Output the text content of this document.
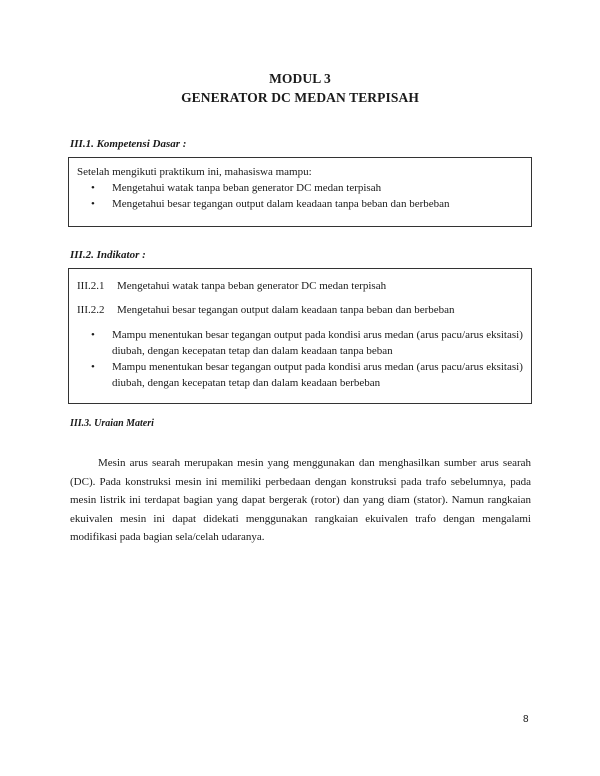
MODUL 3
GENERATOR DC MEDAN TERPISAH
III.1. Kompetensi Dasar :
Setelah mengikuti praktikum ini, mahasiswa mampu:
• Mengetahui watak tanpa beban generator DC medan terpisah
• Mengetahui besar tegangan output dalam keadaan tanpa beban dan berbeban
III.2. Indikator :
III.2.1	Mengetahui watak tanpa beban generator DC medan terpisah
III.2.2	Mengetahui besar tegangan output dalam keadaan tanpa beban dan berbeban
• Mampu menentukan besar tegangan output pada kondisi arus medan (arus pacu/arus eksitasi) diubah, dengan kecepatan tetap dan dalam keadaan tanpa beban
• Mampu menentukan besar tegangan output pada kondisi arus medan (arus pacu/arus eksitasi) diubah, dengan kecepatan tetap dan dalam keadaan berbeban
III.3. Uraian Materi

Mesin arus searah merupakan mesin yang menggunakan dan menghasilkan sumber arus searah (DC). Pada konstruksi mesin ini memiliki perbedaan dengan konstruksi pada trafo sebelumnya, pada mesin listrik ini terdapat bagian yang dapat bergerak (rotor) dan yang diam (stator). Namun rangkaian ekuivalen mesin ini dapat didekati menggunakan rangkaian ekuivalen trafo dengan mengalami modifikasi pada bagian sela/celah udaranya.

8
